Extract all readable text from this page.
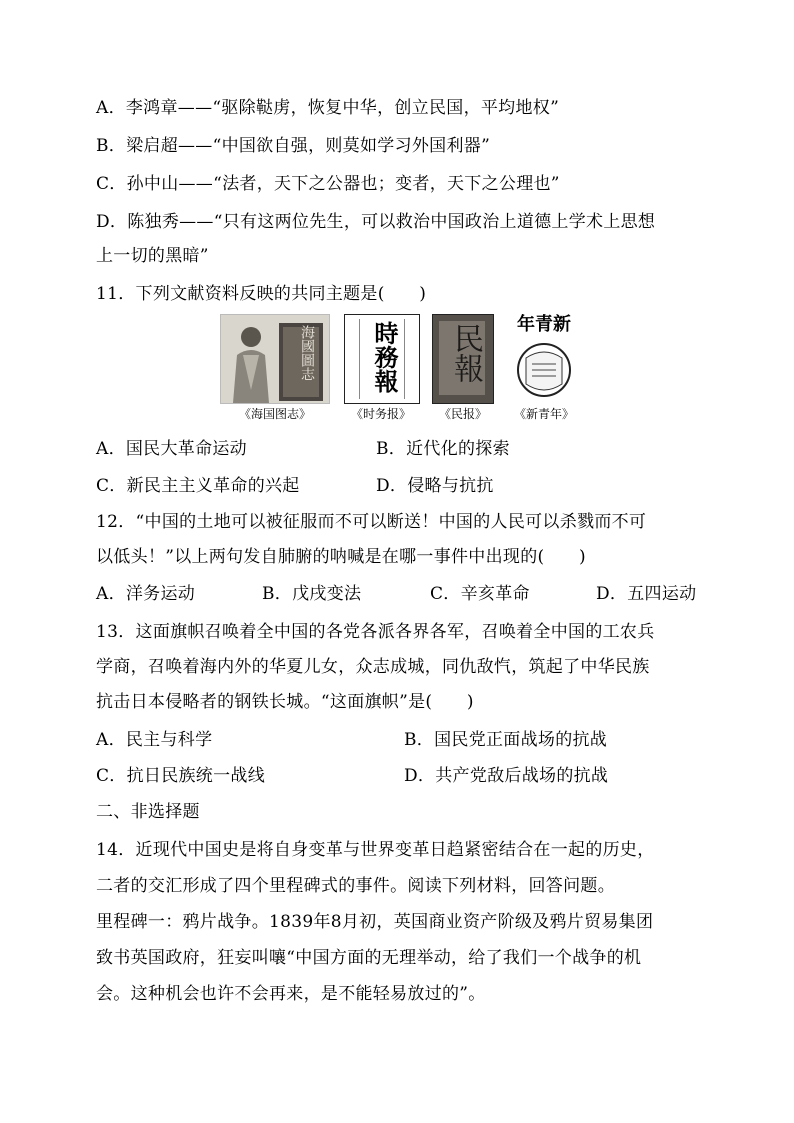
A．李鸿章——“驱除鞑虏，恢复中华，创立民国，平均地权”
B．梁启超——“中国欲自强，则莫如学习外国利器”
C．孙中山——“法者，天下之公器也；变者，天下之公理也”
D．陈独秀——“只有这两位先生，可以救治中国政治上道德上学术上思想
上一切的黑暗”
11．下列文献资料反映的共同主题是(　　)
海國圖志
《海国图志》
時務報
《时务报》
民報
《民报》
新青年
《新青年》
A．国民大革命运动	B．近代化的探索
C．新民主主义革命的兴起	D．侵略与抗抗
12．“中国的土地可以被征服而不可以断送！中国的人民可以杀戮而不可
以低头！”以上两句发自肺腑的呐喊是在哪一事件中出现的(　　)
A．洋务运动	B．戊戌变法	C．辛亥革命	D．五四运动
13．这面旗帜召唤着全中国的各党各派各界各军，召唤着全中国的工农兵
学商，召唤着海内外的华夏儿女，众志成城，同仇敌忾，筑起了中华民族
抗击日本侵略者的钢铁长城。“这面旗帜”是(　　)
A．民主与科学	B．国民党正面战场的抗战
C．抗日民族统一战线	D．共产党敌后战场的抗战
二、非选择题
14．近现代中国史是将自身变革与世界变革日趋紧密结合在一起的历史，
二者的交汇形成了四个里程碑式的事件。阅读下列材料，回答问题。
里程碑一：鸦片战争。1839年8月初，英国商业资产阶级及鸦片贸易集团
致书英国政府，狂妄叫嚷“中国方面的无理举动，给了我们一个战争的机
会。这种机会也许不会再来，是不能轻易放过的”。
